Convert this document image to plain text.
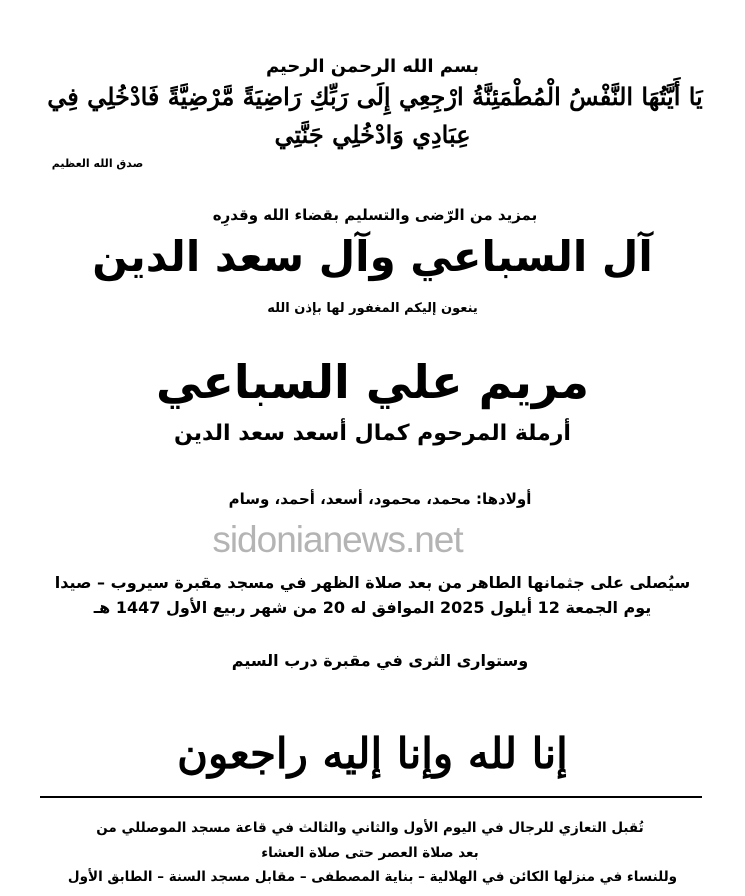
بسم الله الرحمن الرحيم
يَا أَيَّتُهَا النَّفْسُ الْمُطْمَئِنَّةُ ارْجِعِي إِلَى رَبِّكِ رَاضِيَةً مَّرْضِيَّةً فَادْخُلِي فِي
عِبَادِي وَادْخُلِي جَنَّتِي
صدق الله العظيم
بمزيد من الرّضى والتسليم بقضاء الله وقدرِه
آل السباعي وآل سعد الدين
ينعون إليكم المغفور لها بإذن الله
مريم علي السباعي
أرملة المرحوم كمال أسعد سعد الدين
أولادها: محمد، محمود، أسعد، أحمد، وسام
sidonianews.net
سيُصلى على جثمانها الطاهر من بعد صلاة الظهر في مسجد مقبرة سيروب – صيدا
يوم الجمعة 12 أيلول 2025 الموافق له 20 من شهر ربيع الأول 1447 هـ
وستوارى الثرى في مقبرة درب السيم
إنا لله وإنا إليه راجعون
تُقبل التعازي للرجال في اليوم الأول والثاني والثالث في قاعة مسجد الموصللي من
بعد صلاة العصر حتى صلاة العشاء
وللنساء في منزلها الكائن في الهلالية – بناية المصطفى – مقابل مسجد السنة – الطابق الأول
